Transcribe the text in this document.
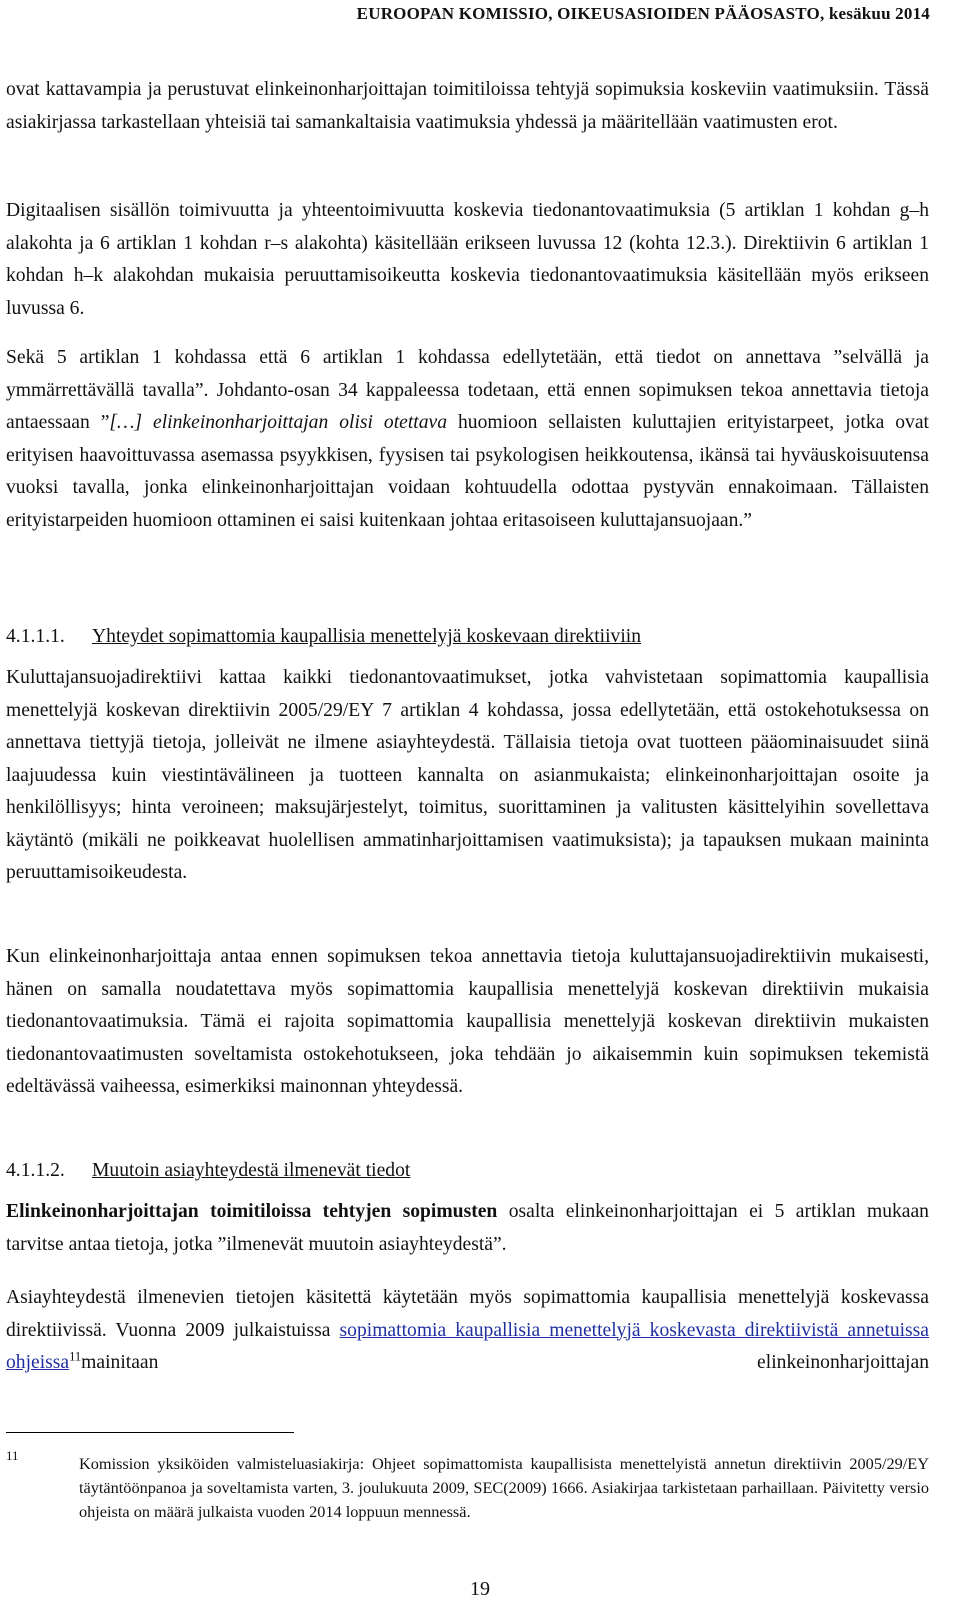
EUROOPAN KOMISSIO, OIKEUSASIOIDEN PÄÄOSASTO, kesäkuu 2014

ovat kattavampia ja perustuvat elinkeinonharjoittajan toimitiloissa tehtyjä sopimuksia koskeviin vaatimuksiin. Tässä asiakirjassa tarkastellaan yhteisiä tai samankaltaisia vaatimuksia yhdessä ja määritellään vaatimusten erot.

Digitaalisen sisällön toimivuutta ja yhteentoimivuutta koskevia tiedonantovaatimuksia (5 artiklan 1 kohdan g–h alakohta ja 6 artiklan 1 kohdan r–s alakohta) käsitellään erikseen luvussa 12 (kohta 12.3.). Direktiivin 6 artiklan 1 kohdan h–k alakohdan mukaisia peruuttamisoikeutta koskevia tiedonantovaatimuksia käsitellään myös erikseen luvussa 6.

Sekä 5 artiklan 1 kohdassa että 6 artiklan 1 kohdassa edellytetään, että tiedot on annettava ”selvällä ja ymmärrettävällä tavalla”. Johdanto-osan 34 kappaleessa todetaan, että ennen sopimuksen tekoa annettavia tietoja antaessaan ”[…] elinkeinonharjoittajan olisi otettava huomioon sellaisten kuluttajien erityistarpeet, jotka ovat erityisen haavoittuvassa asemassa psyykkisen, fyysisen tai psykologisen heikkoutensa, ikänsä tai hyväuskoisuutensa vuoksi tavalla, jonka elinkeinonharjoittajan voidaan kohtuudella odottaa pystyvän ennakoimaan. Tällaisten erityistarpeiden huomioon ottaminen ei saisi kuitenkaan johtaa eritasoiseen kuluttajansuojaan.”

4.1.1.1. Yhteydet sopimattomia kaupallisia menettelyjä koskevaan direktiiviin

Kuluttajansuojadirektiivi kattaa kaikki tiedonantovaatimukset, jotka vahvistetaan sopimattomia kaupallisia menettelyjä koskevan direktiivin 2005/29/EY 7 artiklan 4 kohdassa, jossa edellytetään, että ostokehotuksessa on annettava tiettyjä tietoja, jolleivät ne ilmene asiayhteydestä. Tällaisia tietoja ovat tuotteen pääominaisuudet siinä laajuudessa kuin viestintävälineen ja tuotteen kannalta on asianmukaista; elinkeinonharjoittajan osoite ja henkilöllisyys; hinta veroineen; maksujärjestelyt, toimitus, suorittaminen ja valitusten käsittelyihin sovellettava käytäntö (mikäli ne poikkeavat huolellisen ammatinharjoittamisen vaatimuksista); ja tapauksen mukaan maininta peruuttamisoikeudesta.

Kun elinkeinonharjoittaja antaa ennen sopimuksen tekoa annettavia tietoja kuluttajansuojadirektiivin mukaisesti, hänen on samalla noudatettava myös sopimattomia kaupallisia menettelyjä koskevan direktiivin mukaisia tiedonantovaatimuksia. Tämä ei rajoita sopimattomia kaupallisia menettelyjä koskevan direktiivin mukaisten tiedonantovaatimusten soveltamista ostokehotukseen, joka tehdään jo aikaisemmin kuin sopimuksen tekemistä edeltävässä vaiheessa, esimerkiksi mainonnan yhteydessä.

4.1.1.2. Muutoin asiayhteydestä ilmenevät tiedot

Elinkeinonharjoittajan toimitiloissa tehtyjen sopimusten osalta elinkeinonharjoittajan ei 5 artiklan mukaan tarvitse antaa tietoja, jotka ”ilmenevät muutoin asiayhteydestä”.

Asiayhteydestä ilmenevien tietojen käsitettä käytetään myös sopimattomia kaupallisia menettelyjä koskevassa direktiivissä. Vuonna 2009 julkaistuissa sopimattomia kaupallisia menettelyjä koskevasta direktiivistä annetuissa ohjeissa$^{11}$mainitaan elinkeinonharjoittajan

11	Komission yksiköiden valmisteluasiakirja: Ohjeet sopimattomista kaupallisista menettelyistä annetun direktiivin 2005/29/EY täytäntöönpanoa ja soveltamista varten, 3. joulukuuta 2009, SEC(2009) 1666. Asiakirjaa tarkistetaan parhaillaan. Päivitetty versio ohjeista on määrä julkaista vuoden 2014 loppuun mennessä.
19
